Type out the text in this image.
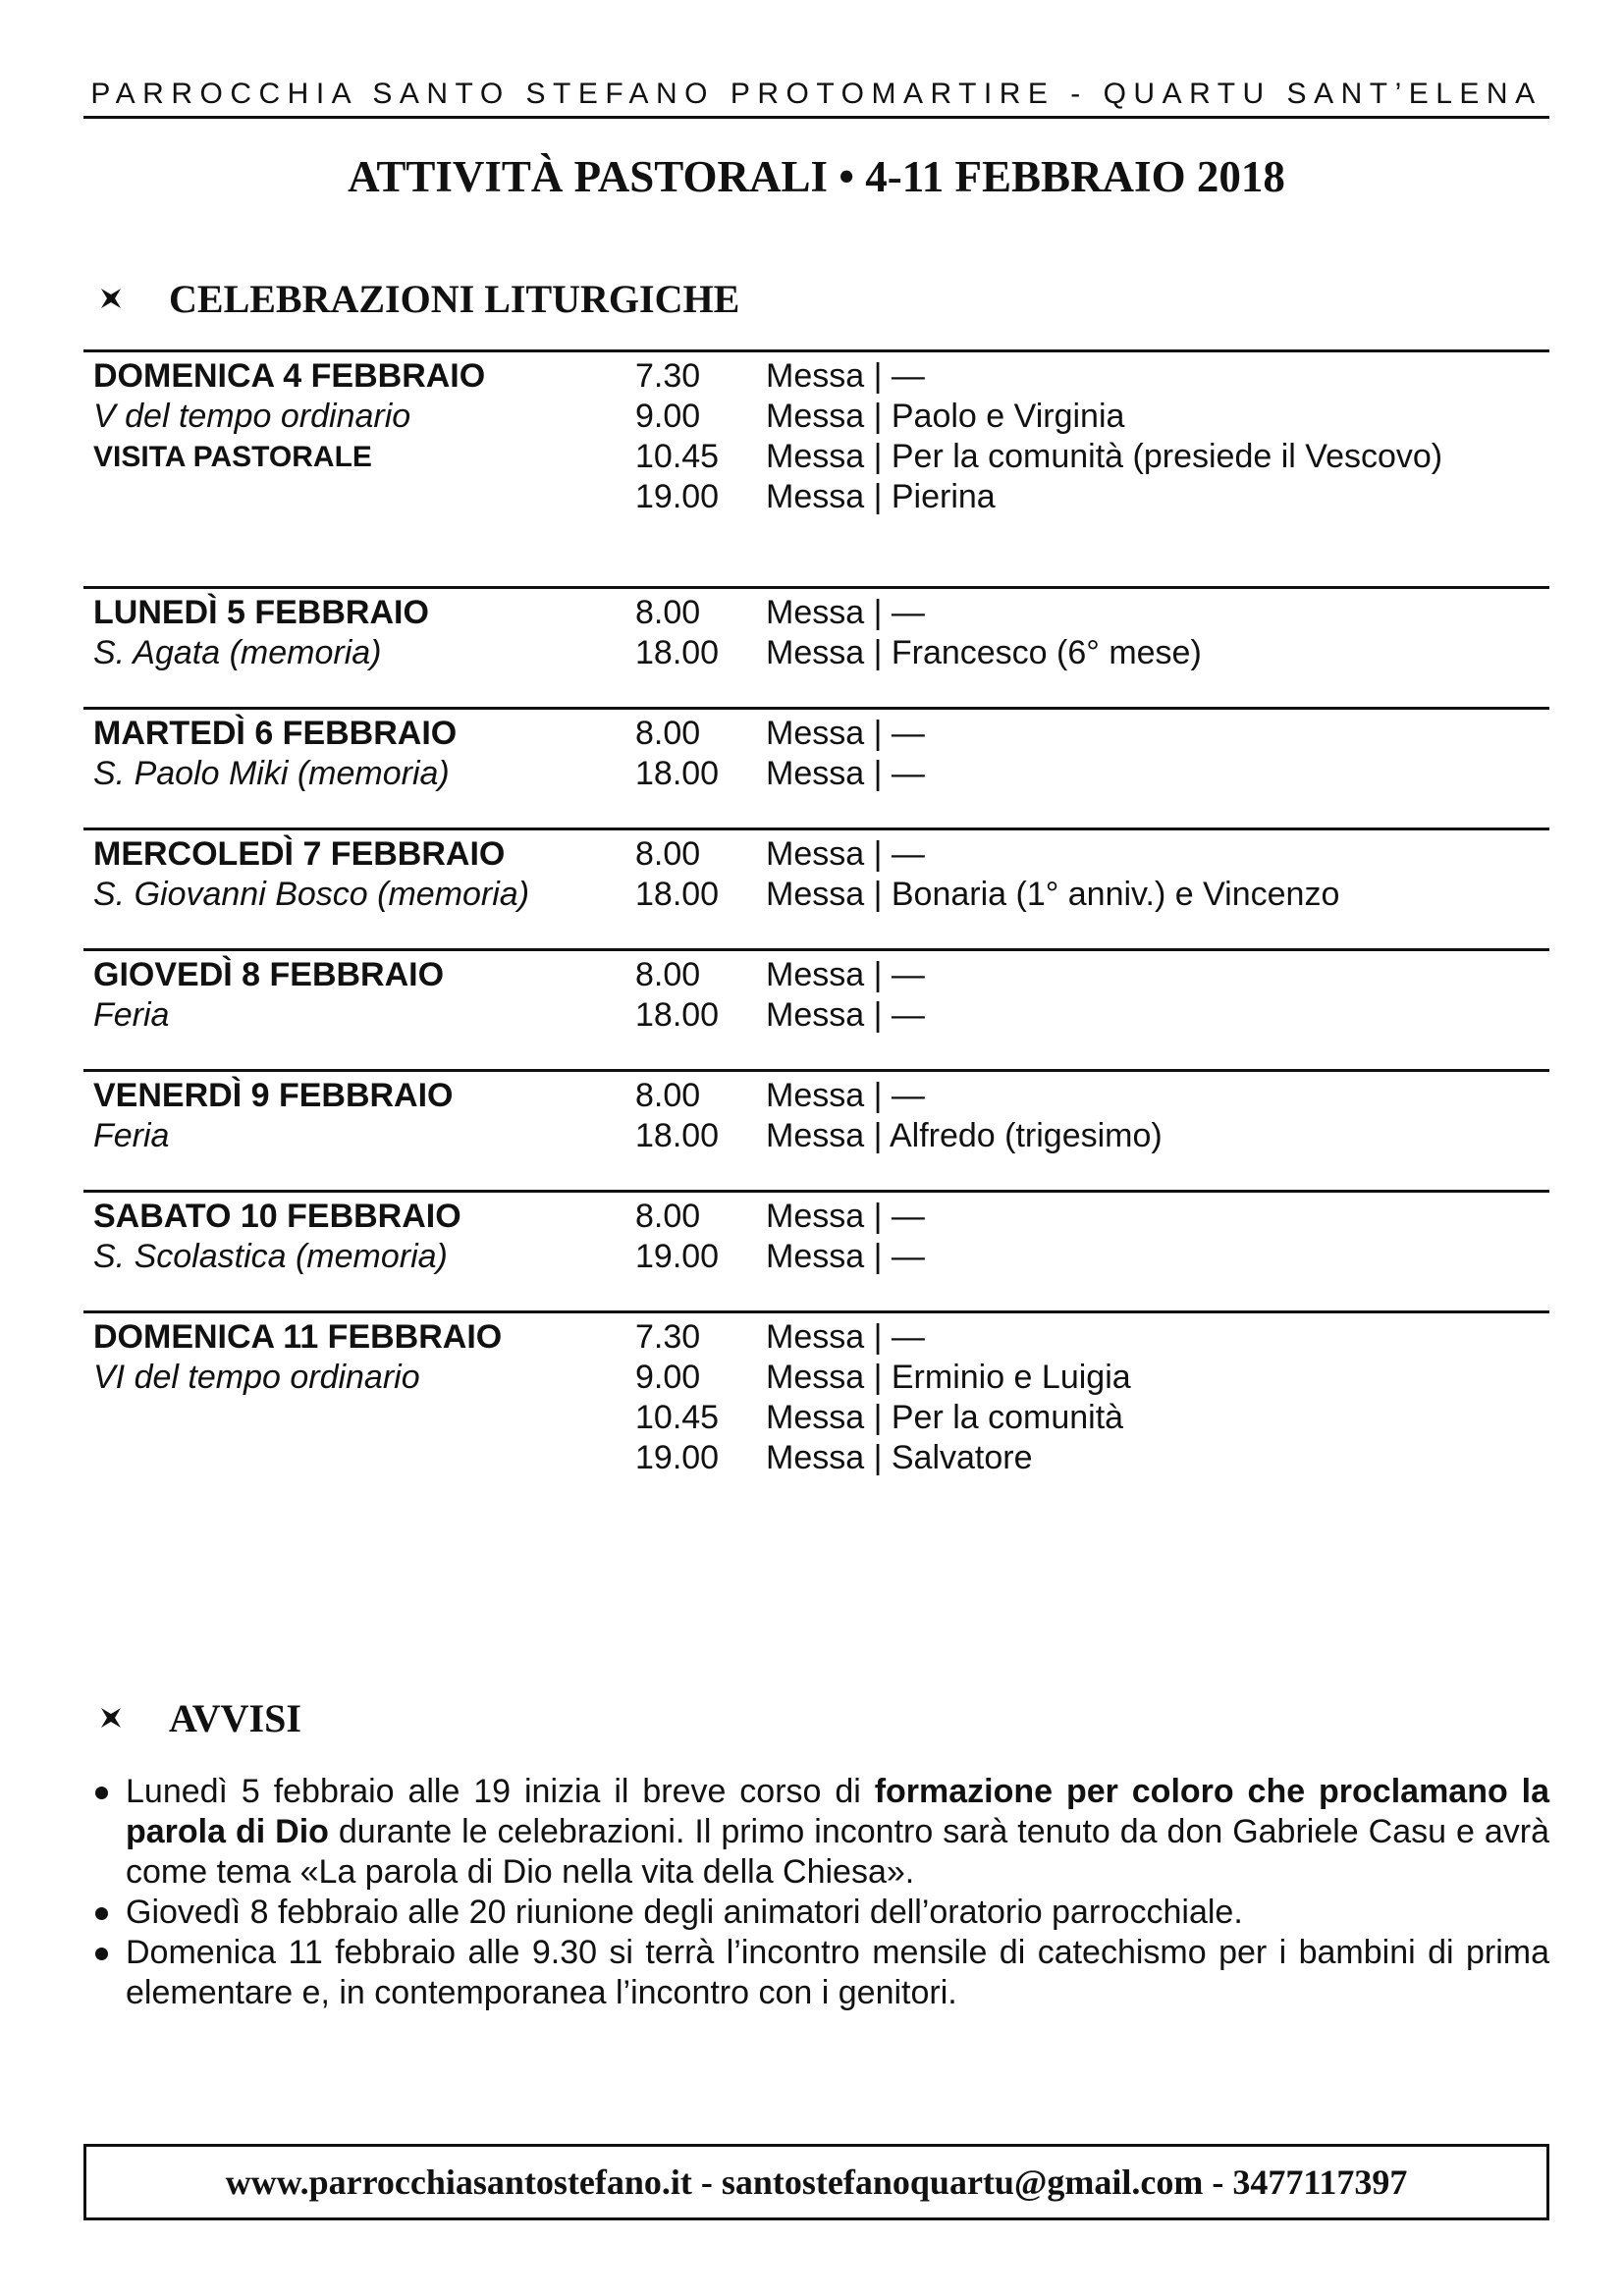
PARROCCHIA SANTO STEFANO PROTOMARTIRE - QUARTU SANT’ELENA
ATTIVITÀ PASTORALI • 4-11 FEBBRAIO 2018
CELEBRAZIONI LITURGICHE
DOMENICA 4 FEBBRAIO
V del tempo ordinario
VISITA PASTORALE
7.30	Messa | —
9.00	Messa | Paolo e Virginia
10.45	Messa | Per la comunità (presiede il Vescovo)
19.00	Messa | Pierina
LUNEDÌ 5 FEBBRAIO
S. Agata (memoria)
8.00	Messa | —
18.00	Messa | Francesco (6° mese)
MARTEDÌ 6 FEBBRAIO
S. Paolo Miki (memoria)
8.00	Messa | —
18.00	Messa | —
MERCOLEDÌ 7 FEBBRAIO
S. Giovanni Bosco (memoria)
8.00	Messa | —
18.00	Messa | Bonaria (1° anniv.) e Vincenzo
GIOVEDÌ 8 FEBBRAIO
Feria
8.00	Messa | —
18.00	Messa | —
VENERDÌ 9 FEBBRAIO
Feria
8.00	Messa | —
18.00	Messa | Alfredo (trigesimo)
SABATO 10 FEBBRAIO
S. Scolastica (memoria)
8.00	Messa | —
19.00	Messa | —
DOMENICA 11 FEBBRAIO
VI del tempo ordinario
7.30	Messa | —
9.00	Messa | Erminio e Luigia
10.45	Messa | Per la comunità
19.00	Messa | Salvatore
AVVISI
Lunedì 5 febbraio alle 19 inizia il breve corso di formazione per coloro che proclamano la parola di Dio durante le celebrazioni. Il primo incontro sarà tenuto da don Gabriele Casu e avrà come tema «La parola di Dio nella vita della Chiesa».
Giovedì 8 febbraio alle 20 riunione degli animatori dell’oratorio parrocchiale.
Domenica 11 febbraio alle 9.30 si terrà l’incontro mensile di catechismo per i bambini di prima elementare e, in contemporanea l’incontro con i genitori.
www.parrocchiasantostefano.it - santostefanoquartu@gmail.com - 3477117397
